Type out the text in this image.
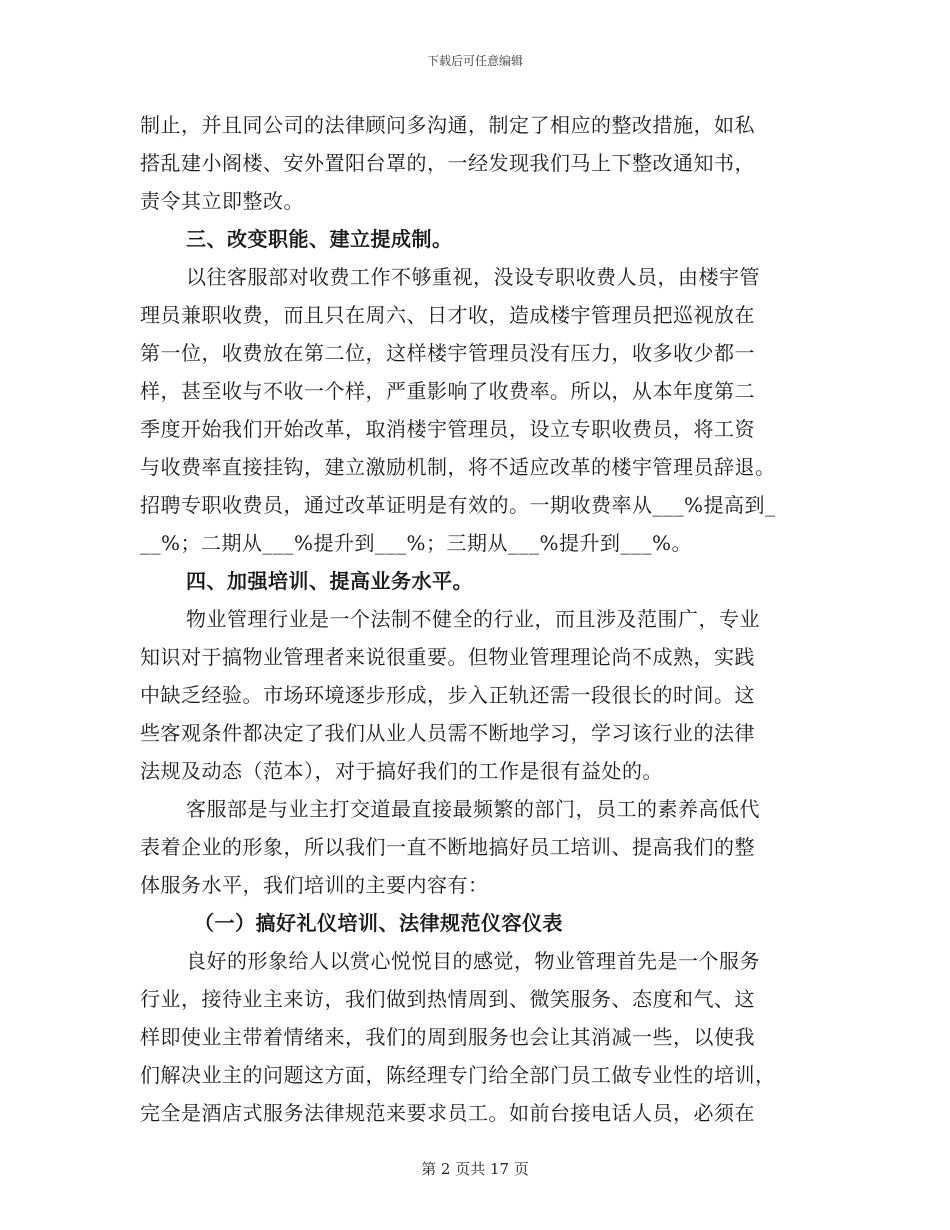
下载后可任意编辑
制止，并且同公司的法律顾问多沟通，制定了相应的整改措施，如私
搭乱建小阁楼、安外置阳台罩的，一经发现我们马上下整改通知书，
责令其立即整改。
三、改变职能、建立提成制。
以往客服部对收费工作不够重视，没设专职收费人员，由楼宇管
理员兼职收费，而且只在周六、日才收，造成楼宇管理员把巡视放在
第一位，收费放在第二位，这样楼宇管理员没有压力，收多收少都一
样，甚至收与不收一个样，严重影响了收费率。所以，从本年度第二
季度开始我们开始改革，取消楼宇管理员，设立专职收费员，将工资
与收费率直接挂钩，建立激励机制，将不适应改革的楼宇管理员辞退。
招聘专职收费员，通过改革证明是有效的。一期收费率从___%提高到_
__%；二期从___%提升到___%；三期从___%提升到___%。
四、加强培训、提高业务水平。
物业管理行业是一个法制不健全的行业，而且涉及范围广，专业
知识对于搞物业管理者来说很重要。但物业管理理论尚不成熟，实践
中缺乏经验。市场环境逐步形成，步入正轨还需一段很长的时间。这
些客观条件都决定了我们从业人员需不断地学习，学习该行业的法律
法规及动态（范本），对于搞好我们的工作是很有益处的。
客服部是与业主打交道最直接最频繁的部门，员工的素养高低代
表着企业的形象，所以我们一直不断地搞好员工培训、提高我们的整
体服务水平，我们培训的主要内容有：
（一）搞好礼仪培训、法律规范仪容仪表
良好的形象给人以赏心悦悦目的感觉，物业管理首先是一个服务
行业，接待业主来访，我们做到热情周到、微笑服务、态度和气、这
样即使业主带着情绪来，我们的周到服务也会让其消减一些，以使我
们解决业主的问题这方面，陈经理专门给全部门员工做专业性的培训，
完全是酒店式服务法律规范来要求员工。如前台接电话人员，必须在
第 2 页共 17 页
